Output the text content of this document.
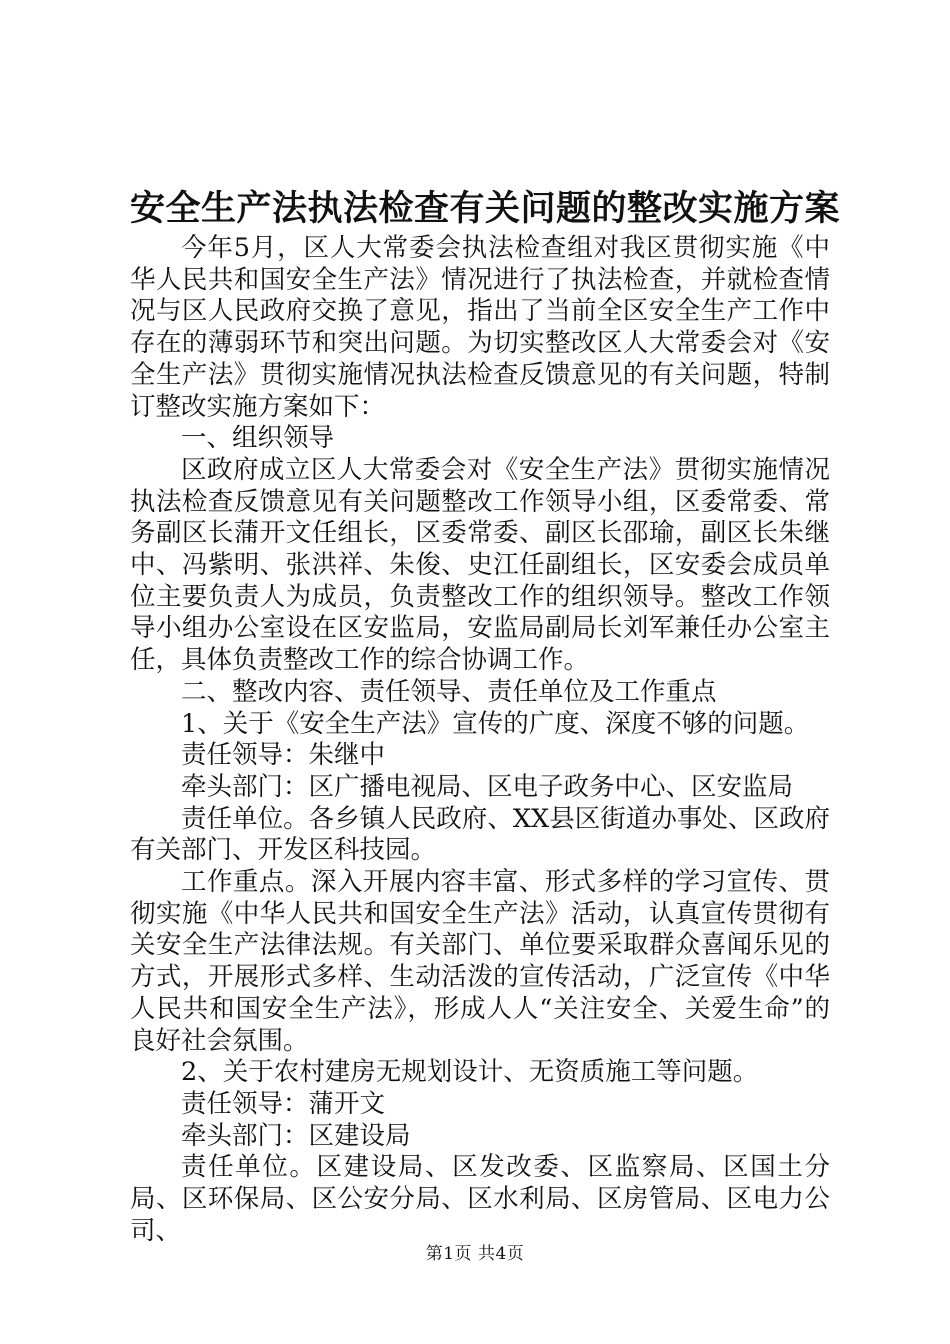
安全生产法执法检查有关问题的整改实施方案

今年5月，区人大常委会执法检查组对我区贯彻实施《中华人民共和国安全生产法》情况进行了执法检查，并就检查情况与区人民政府交换了意见，指出了当前全区安全生产工作中存在的薄弱环节和突出问题。为切实整改区人大常委会对《安全生产法》贯彻实施情况执法检查反馈意见的有关问题，特制订整改实施方案如下：

一、组织领导

区政府成立区人大常委会对《安全生产法》贯彻实施情况执法检查反馈意见有关问题整改工作领导小组，区委常委、常务副区长蒲开文任组长，区委常委、副区长邵瑜，副区长朱继中、冯紫明、张洪祥、朱俊、史江任副组长，区安委会成员单位主要负责人为成员，负责整改工作的组织领导。整改工作领导小组办公室设在区安监局，安监局副局长刘军兼任办公室主任，具体负责整改工作的综合协调工作。

二、整改内容、责任领导、责任单位及工作重点

1、关于《安全生产法》宣传的广度、深度不够的问题。

责任领导：朱继中

牵头部门：区广播电视局、区电子政务中心、区安监局

责任单位。各乡镇人民政府、XX县区街道办事处、区政府有关部门、开发区科技园。

工作重点。深入开展内容丰富、形式多样的学习宣传、贯彻实施《中华人民共和国安全生产法》活动，认真宣传贯彻有关安全生产法律法规。有关部门、单位要采取群众喜闻乐见的方式，开展形式多样、生动活泼的宣传活动，广泛宣传《中华人民共和国安全生产法》，形成人人“关注安全、关爱生命”的良好社会氛围。

2、关于农村建房无规划设计、无资质施工等问题。

责任领导：蒲开文

牵头部门：区建设局

责任单位。区建设局、区发改委、区监察局、区国土分局、区环保局、区公安分局、区水利局、区房管局、区电力公司、

第1页 共4页
